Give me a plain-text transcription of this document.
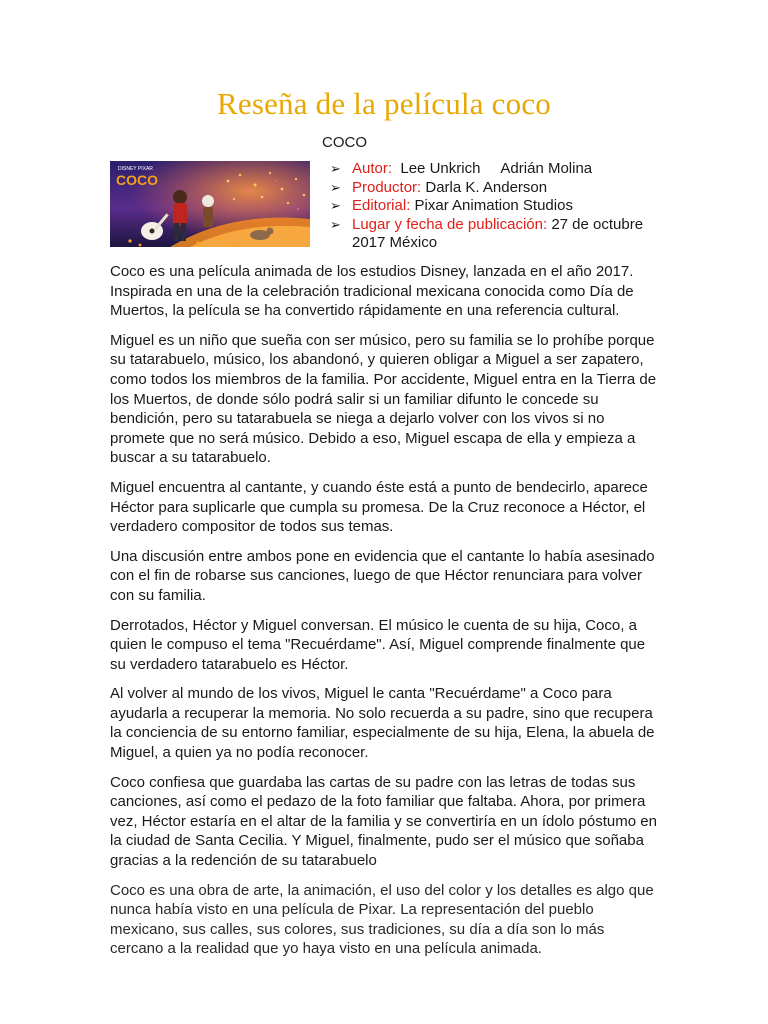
Reseña de la película coco
COCO
DISNEY PIXAR
COCO
➢ Autor: Lee Unkrich     Adrián Molina
➢ Productor: Darla K. Anderson
➢ Editorial: Pixar Animation Studios
➢ Lugar y fecha de publicación: 27 de octubre 2017 México

Coco es una película animada de los estudios Disney, lanzada en el año 2017. Inspirada en una de la celebración tradicional mexicana conocida como Día de Muertos, la película se ha convertido rápidamente en una referencia cultural.

Miguel es un niño que sueña con ser músico, pero su familia se lo prohíbe porque su tatarabuelo, músico, los abandonó, y quieren obligar a Miguel a ser zapatero, como todos los miembros de la familia. Por accidente, Miguel entra en la Tierra de los Muertos, de donde sólo podrá salir si un familiar difunto le concede su bendición, pero su tatarabuela se niega a dejarlo volver con los vivos si no promete que no será músico. Debido a eso, Miguel escapa de ella y empieza a buscar a su tatarabuelo.

Miguel encuentra al cantante, y cuando éste está a punto de bendecirlo, aparece Héctor para suplicarle que cumpla su promesa. De la Cruz reconoce a Héctor, el verdadero compositor de todos sus temas.

Una discusión entre ambos pone en evidencia que el cantante lo había asesinado con el fin de robarse sus canciones, luego de que Héctor renunciara para volver con su familia.

Derrotados, Héctor y Miguel conversan. El músico le cuenta de su hija, Coco, a quien le compuso el tema "Recuérdame". Así, Miguel comprende finalmente que su verdadero tatarabuelo es Héctor.

Al volver al mundo de los vivos, Miguel le canta "Recuérdame" a Coco para ayudarla a recuperar la memoria. No solo recuerda a su padre, sino que recupera la conciencia de su entorno familiar, especialmente de su hija, Elena, la abuela de Miguel, a quien ya no podía reconocer.

Coco confiesa que guardaba las cartas de su padre con las letras de todas sus canciones, así como el pedazo de la foto familiar que faltaba. Ahora, por primera vez, Héctor estaría en el altar de la familia y se convertiría en un ídolo póstumo en la ciudad de Santa Cecilia. Y Miguel, finalmente, pudo ser el músico que soñaba gracias a la redención de su tatarabuelo

Coco es una obra de arte, la animación, el uso del color y los detalles es algo que nunca había visto en una película de Pixar. La representación del pueblo mexicano, sus calles, sus colores, sus tradiciones, su día a día son lo más cercano a la realidad que yo haya visto en una película animada.
